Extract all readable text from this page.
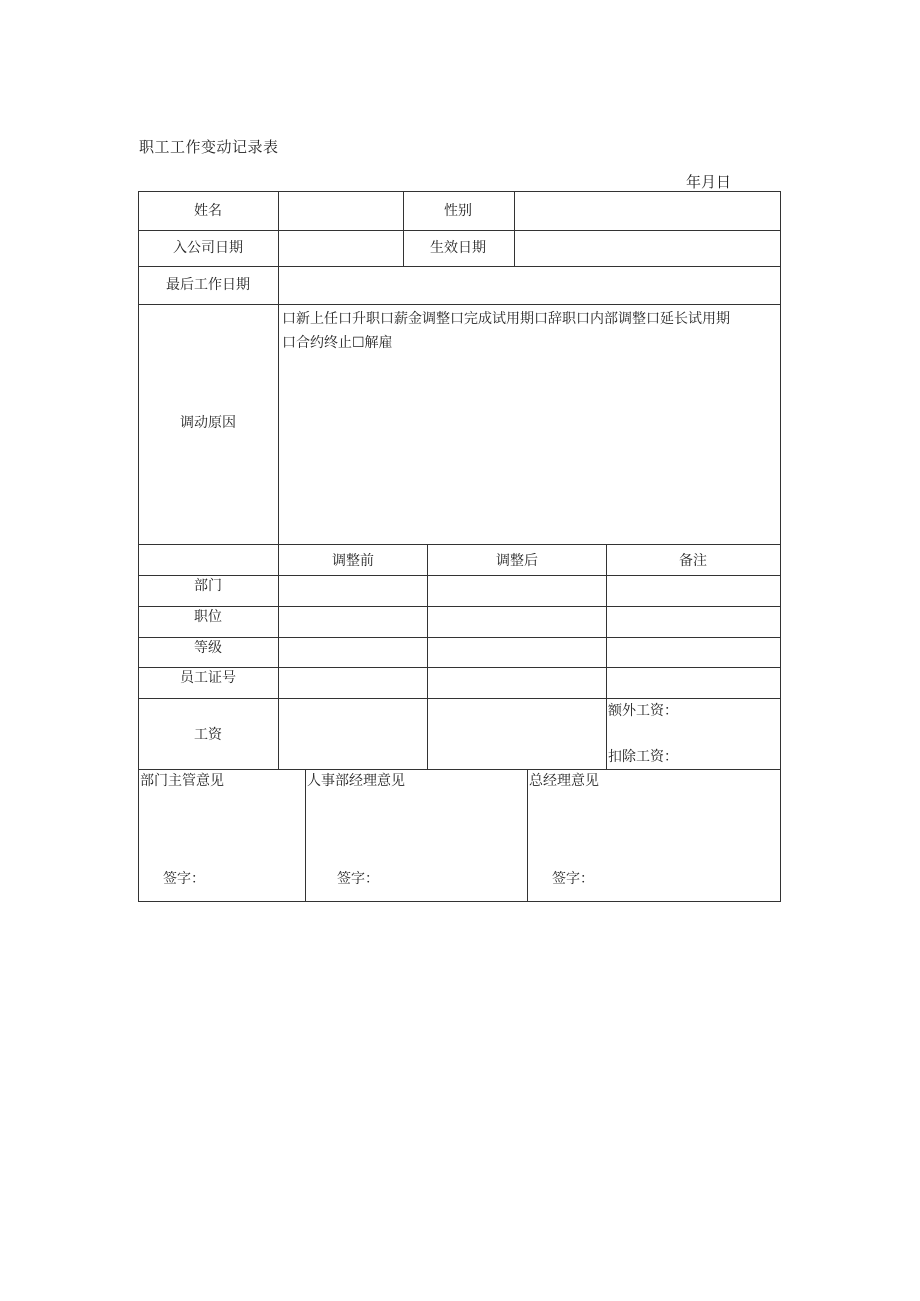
职工工作变动记录表
年月日
姓名	性别
入公司日期	生效日期
最后工作日期
调动原因
口新上任口升职口薪金调整口完成试用期口辞职口内部调整口延长试用期
口合约终止☐解雇
调整前	调整后	备注
部门
职位
等级
员工证号
工资
额外工资：
扣除工资：
部门主管意见	人事部经理意见	总经理意见
签字：	签字：	签字：
